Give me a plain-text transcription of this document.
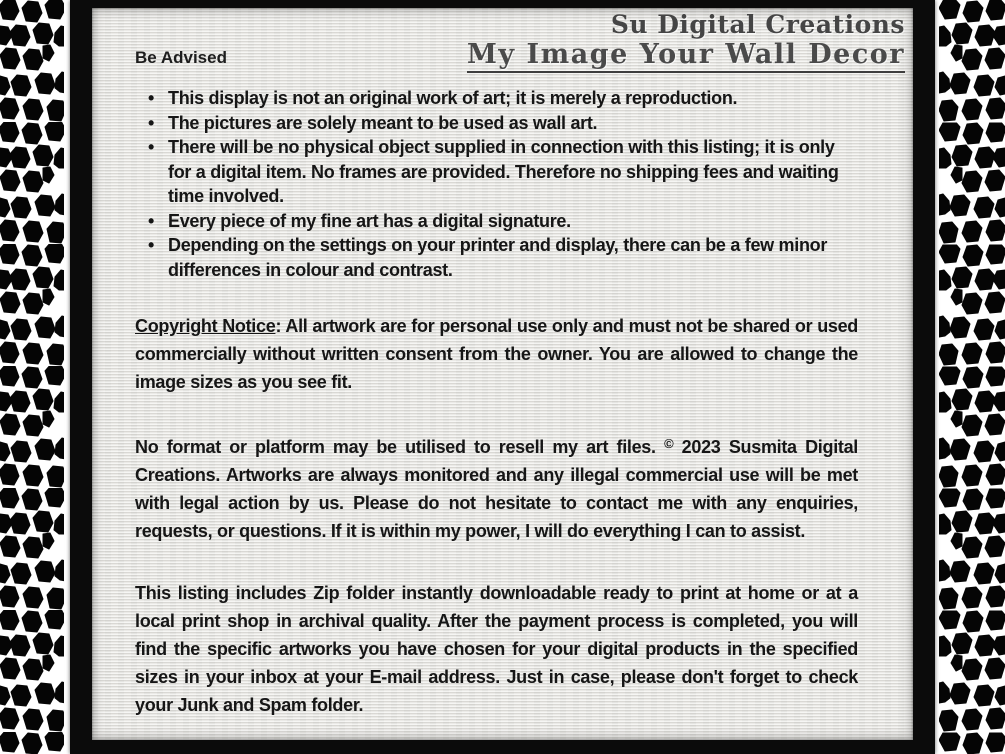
Su Digital Creations
My Image Your Wall Decor
Be Advised
• This display is not an original work of art; it is merely a reproduction.
• The pictures are solely meant to be used as wall art.
• There will be no physical object supplied in connection with this listing; it is only for a digital item. No frames are provided. Therefore no shipping fees and waiting time involved.
• Every piece of my fine art has a digital signature.
• Depending on the settings on your printer and display, there can be a few minor differences in colour and contrast.

Copyright Notice: All artwork are for personal use only and must not be shared or used commercially without written consent from the owner. You are allowed to change the image sizes as you see fit.

No format or platform may be utilised to resell my art files. © 2023 Susmita Digital Creations. Artworks are always monitored and any illegal commercial use will be met with legal action by us. Please do not hesitate to contact me with any enquiries, requests, or questions. If it is within my power, I will do everything I can to assist.

This listing includes Zip folder instantly downloadable ready to print at home or at a local print shop in archival quality. After the payment process is completed, you will find the specific artworks you have chosen for your digital products in the specified sizes in your inbox at your E-mail address. Just in case, please don't forget to check your Junk and Spam folder.
